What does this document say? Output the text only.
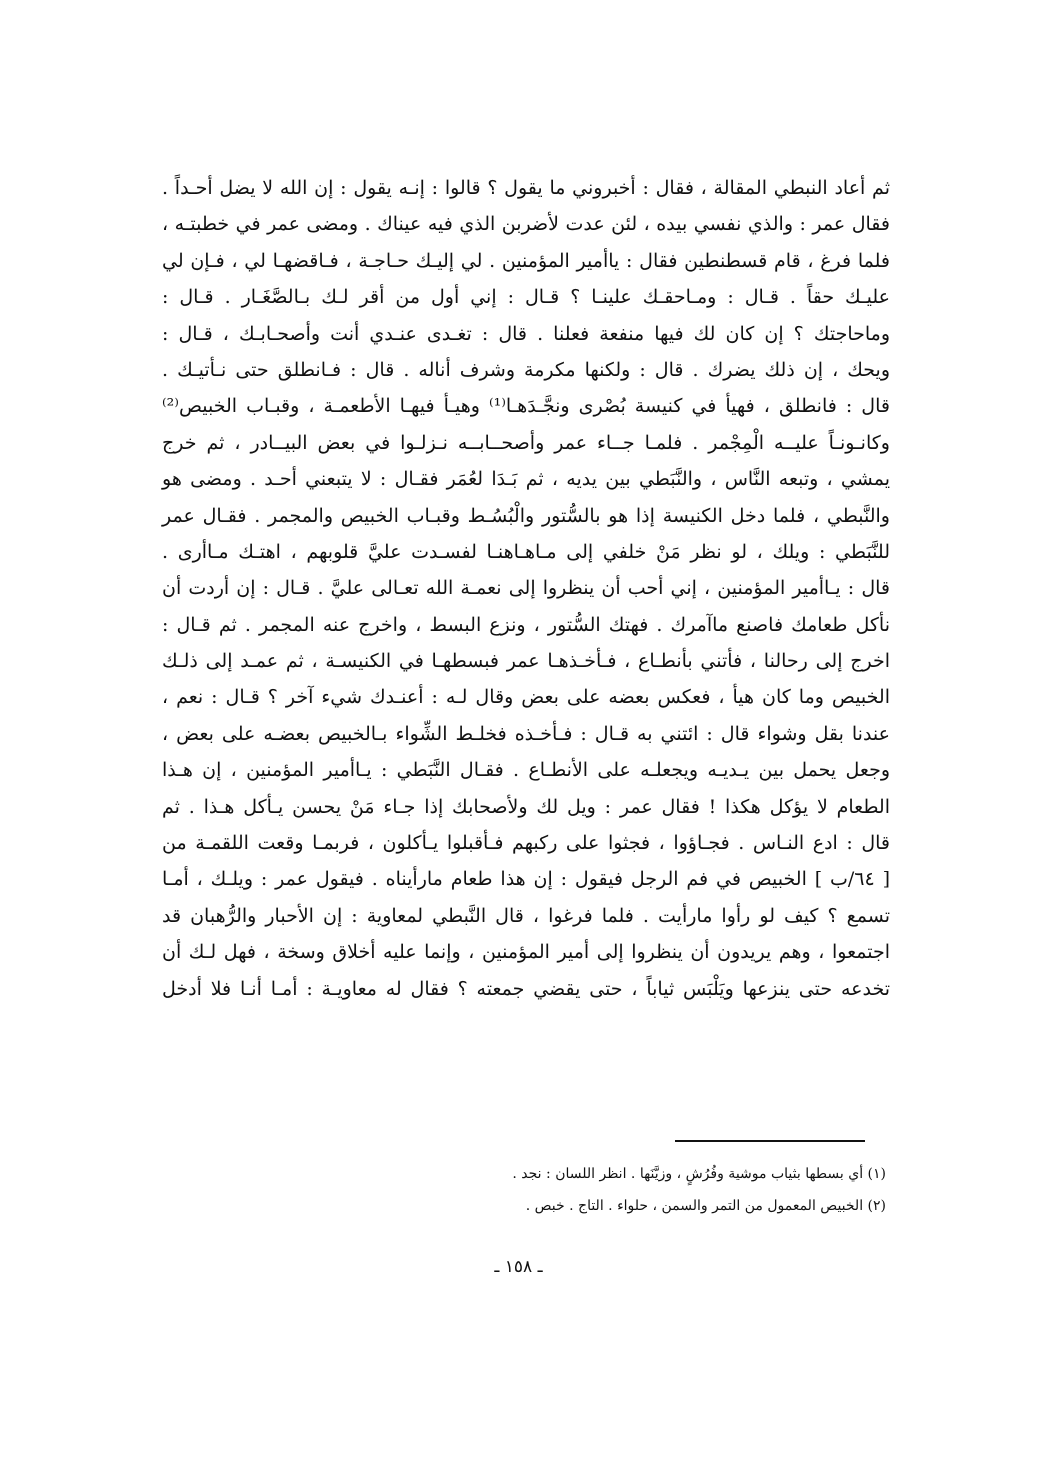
ثم أعاد النبطي المقالة ، فقال : أخبروني ما يقول ؟ قالوا : إنـه يقول : إن الله لا يضل أحـداً .
فقال عمر : والذي نفسي بيده ، لئن عدت لأضربن الذي فيه عيناك . ومضى عمر في خطبتـه ،
فلما فرغ ، قام قسطنطين فقال : ياأمير المؤمنين . لي إليـك حـاجـة ، فـاقضهـا لي ، فـإن لي
عليـك حقاً . قـال : ومـاحقـك علينـا ؟ قـال : إني أول من أقر لـك بـالصَّغَـار . قـال :
وماحاجتك ؟ إن كان لك فيها منفعة فعلنا . قال : تغـدى عنـدي أنت وأصحـابـك ، قـال :
ويحك ، إن ذلك يضرك . قال : ولكنها مكرمة وشرف أناله . قال : فـانطلق حتى نـأتيـك .
قال : فانطلق ، فهيأ في كنيسة بُصْرى ونجَّـدَهـا⁽¹⁾ وهيـأ فيهـا الأطعمـة ، وقبـاب الخبيص⁽²⁾
وكانـونـاً عليــه الْمِجْمر . فلمـا جــاء عمر وأصحــابــه نـزلـوا في بعض البيــادر ، ثم خرج
يمشي ، وتبعه النَّاس ، والنَّبَطي بين يديه ، ثم بَـدَا لعُمَر فقـال : لا يتبعني أحـد . ومضى هو
والنَّبطي ، فلما دخل الكنيسة إذا هو بالسُّتور والْبُسُـط وقبـاب الخبيص والمجمر . فقـال عمر
للنَّبَطي : ويلك ، لو نظر مَنْ خلفي إلى مـاهـاهنـا لفسـدت عليَّ قلوبهم ، اهتـك مـاأرى .
قال : يـاأمير المؤمنين ، إني أحب أن ينظروا إلى نعمـة الله تعـالى عليَّ . قـال : إن أردت أن
نأكل طعامك فاصنع ماآمرك . فهتك السُّتور ، ونزع البسط ، واخرج عنه المجمر . ثم قـال :
اخرج إلى رحالنا ، فأتني بأنطـاع ، فـأخـذهـا عمر فبسطهـا في الكنيسـة ، ثم عمـد إلى ذلـك
الخبيص وما كان هيأ ، فعكس بعضه على بعض وقال لـه : أعنـدك شيء آخر ؟ قـال : نعم ،
عندنا بقل وشواء قال : ائتني به قـال : فـأخـذه فخلـط الشِّواء بـالخبيص بعضـه على بعض ،
وجعل يحمل بين يـديـه ويجعلـه على الأنطـاع . فقـال النَّبَطي : يـاأمير المؤمنين ، إن هـذا
الطعام لا يؤكل هكذا ! فقال عمر : ويل لك ولأصحابك إذا جـاء مَنْ يحسن يـأكل هـذا . ثم
قال : ادع النـاس . فجـاؤوا ، فجثوا على ركبهم فـأقبلوا يـأكلون ، فربمـا وقعت اللقمـة من
[ ٦٤/ب ] الخبيص في فم الرجل فيقول : إن هذا طعام مارأيناه . فيقول عمر : ويلـك ، أمـا
تسمع ؟ كيف لو رأوا مارأيت . فلما فرغوا ، قال النَّبطي لمعاوية : إن الأحبار والرُّهبان قد
اجتمعوا ، وهم يريدون أن ينظروا إلى أمير المؤمنين ، وإنما عليه أخلاق وسخة ، فهل لـك أن
تخدعه حتى ينزعها ويَلْبَس ثياباً ، حتى يقضي جمعته ؟ فقال له معاويـة : أمـا أنـا فلا أدخل
(١) أي بسطها بثياب موشية وفُرُشٍ ، وزيَّنَها . انظر اللسان : نجد .
(٢) الخبيص المعمول من التمر والسمن ، حلواء . التاج . خبص .
ـ ١٥٨ ـ
